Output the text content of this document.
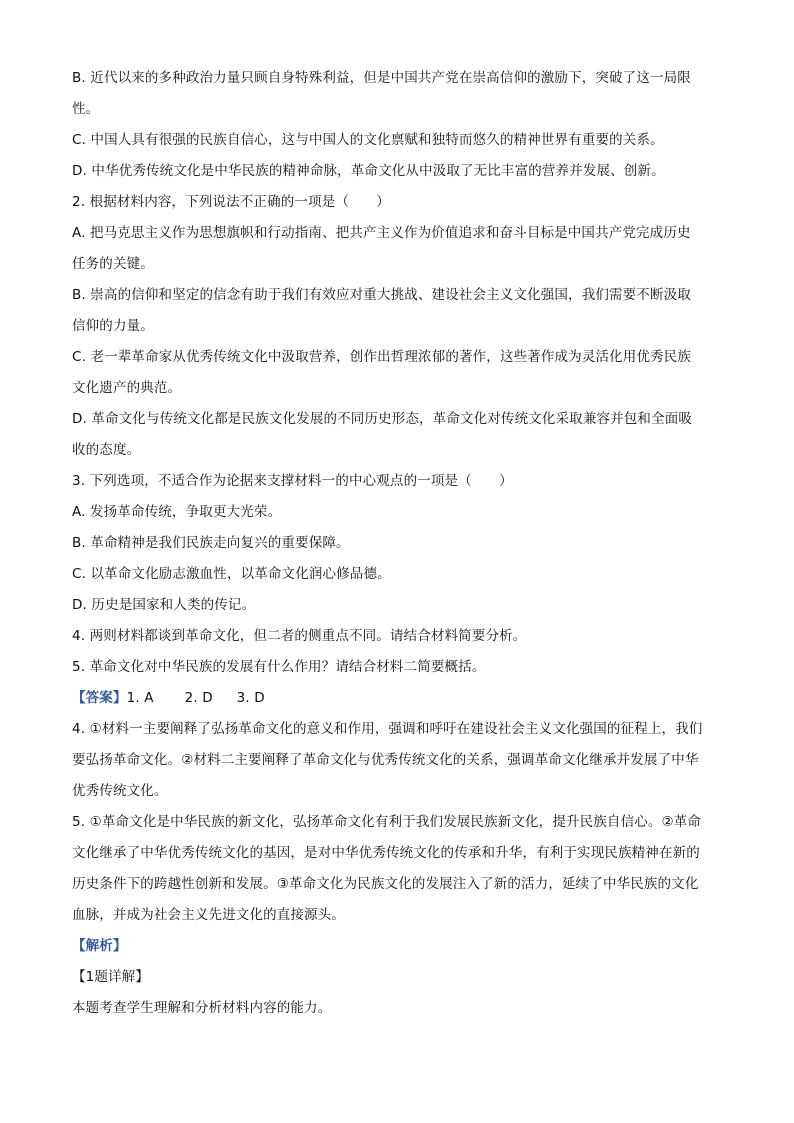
B. 近代以来的多种政治力量只顾自身特殊利益，但是中国共产党在崇高信仰的激励下，突破了这一局限
性。
C. 中国人具有很强的民族自信心，这与中国人的文化禀赋和独特而悠久的精神世界有重要的关系。
D. 中华优秀传统文化是中华民族的精神命脉，革命文化从中汲取了无比丰富的营养并发展、创新。
2. 根据材料内容，下列说法不正确的一项是（　　）
A. 把马克思主义作为思想旗帜和行动指南、把共产主义作为价值追求和奋斗目标是中国共产党完成历史
任务的关键。
B. 崇高的信仰和坚定的信念有助于我们有效应对重大挑战、建设社会主义文化强国，我们需要不断汲取
信仰的力量。
C. 老一辈革命家从优秀传统文化中汲取营养，创作出哲理浓郁的著作，这些著作成为灵活化用优秀民族
文化遗产的典范。
D. 革命文化与传统文化都是民族文化发展的不同历史形态，革命文化对传统文化采取兼容并包和全面吸
收的态度。
3. 下列选项，不适合作为论据来支撑材料一的中心观点的一项是（　　）
A. 发扬革命传统，争取更大光荣。
B. 革命精神是我们民族走向复兴的重要保障。
C. 以革命文化励志激血性，以革命文化润心修品德。
D. 历史是国家和人类的传记。
4. 两则材料都谈到革命文化，但二者的侧重点不同。请结合材料简要分析。
5. 革命文化对中华民族的发展有什么作用？请结合材料二简要概括。
【答案】1. A 2. D 3. D
4. ①材料一主要阐释了弘扬革命文化的意义和作用，强调和呼吁在建设社会主义文化强国的征程上，我们
要弘扬革命文化。②材料二主要阐释了革命文化与优秀传统文化的关系，强调革命文化继承并发展了中华
优秀传统文化。
5. ①革命文化是中华民族的新文化，弘扬革命文化有利于我们发展民族新文化，提升民族自信心。②革命
文化继承了中华优秀传统文化的基因，是对中华优秀传统文化的传承和升华，有利于实现民族精神在新的
历史条件下的跨越性创新和发展。③革命文化为民族文化的发展注入了新的活力，延续了中华民族的文化
血脉，并成为社会主义先进文化的直接源头。
【解析】
【1题详解】
本题考查学生理解和分析材料内容的能力。
